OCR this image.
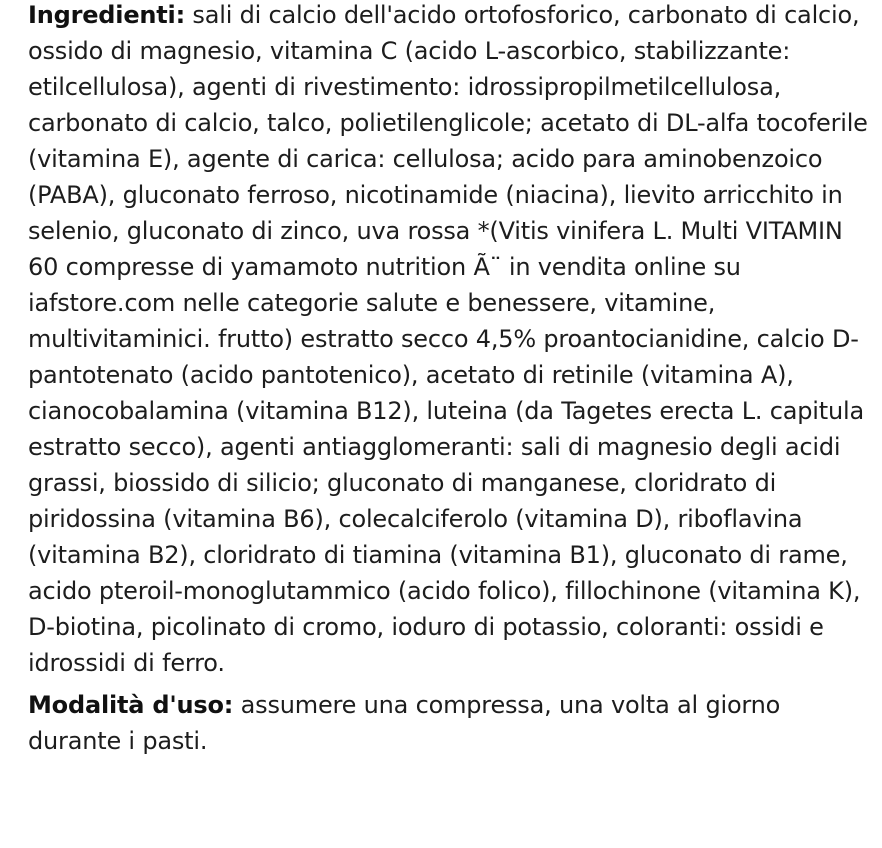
Ingredienti: sali di calcio dell'acido ortofosforico, carbonato di calcio, ossido di magnesio, vitamina C (acido L-ascorbico, stabilizzante: etilcellulosa), agenti di rivestimento: idrossipropilmetilcellulosa, carbonato di calcio, talco, polietilenglicole; acetato di DL-alfa tocoferile (vitamina E), agente di carica: cellulosa; acido para aminobenzoico (PABA), gluconato ferroso, nicotinamide (niacina), lievito arricchito in selenio, gluconato di zinco, uva rossa *(Vitis vinifera L. Multi VITAMIN 60 compresse di yamamoto nutrition Ã¨ in vendita online su iafstore.com nelle categorie salute e benessere, vitamine, multivitaminici. frutto) estratto secco 4,5% proantocianidine, calcio D-pantotenato (acido pantotenico), acetato di retinile (vitamina A), cianocobalamina (vitamina B12), luteina (da Tagetes erecta L. capitula estratto secco), agenti antiagglomeranti: sali di magnesio degli acidi grassi, biossido di silicio; gluconato di manganese, cloridrato di piridossina (vitamina B6), colecalciferolo (vitamina D), riboflavina (vitamina B2), cloridrato di tiamina (vitamina B1), gluconato di rame, acido pteroil-monoglutammico (acido folico), fillochinone (vitamina K), D-biotina, picolinato di cromo, ioduro di potassio, coloranti: ossidi e idrossidi di ferro.

Modalità d'uso: assumere una compressa, una volta al giorno durante i pasti.
